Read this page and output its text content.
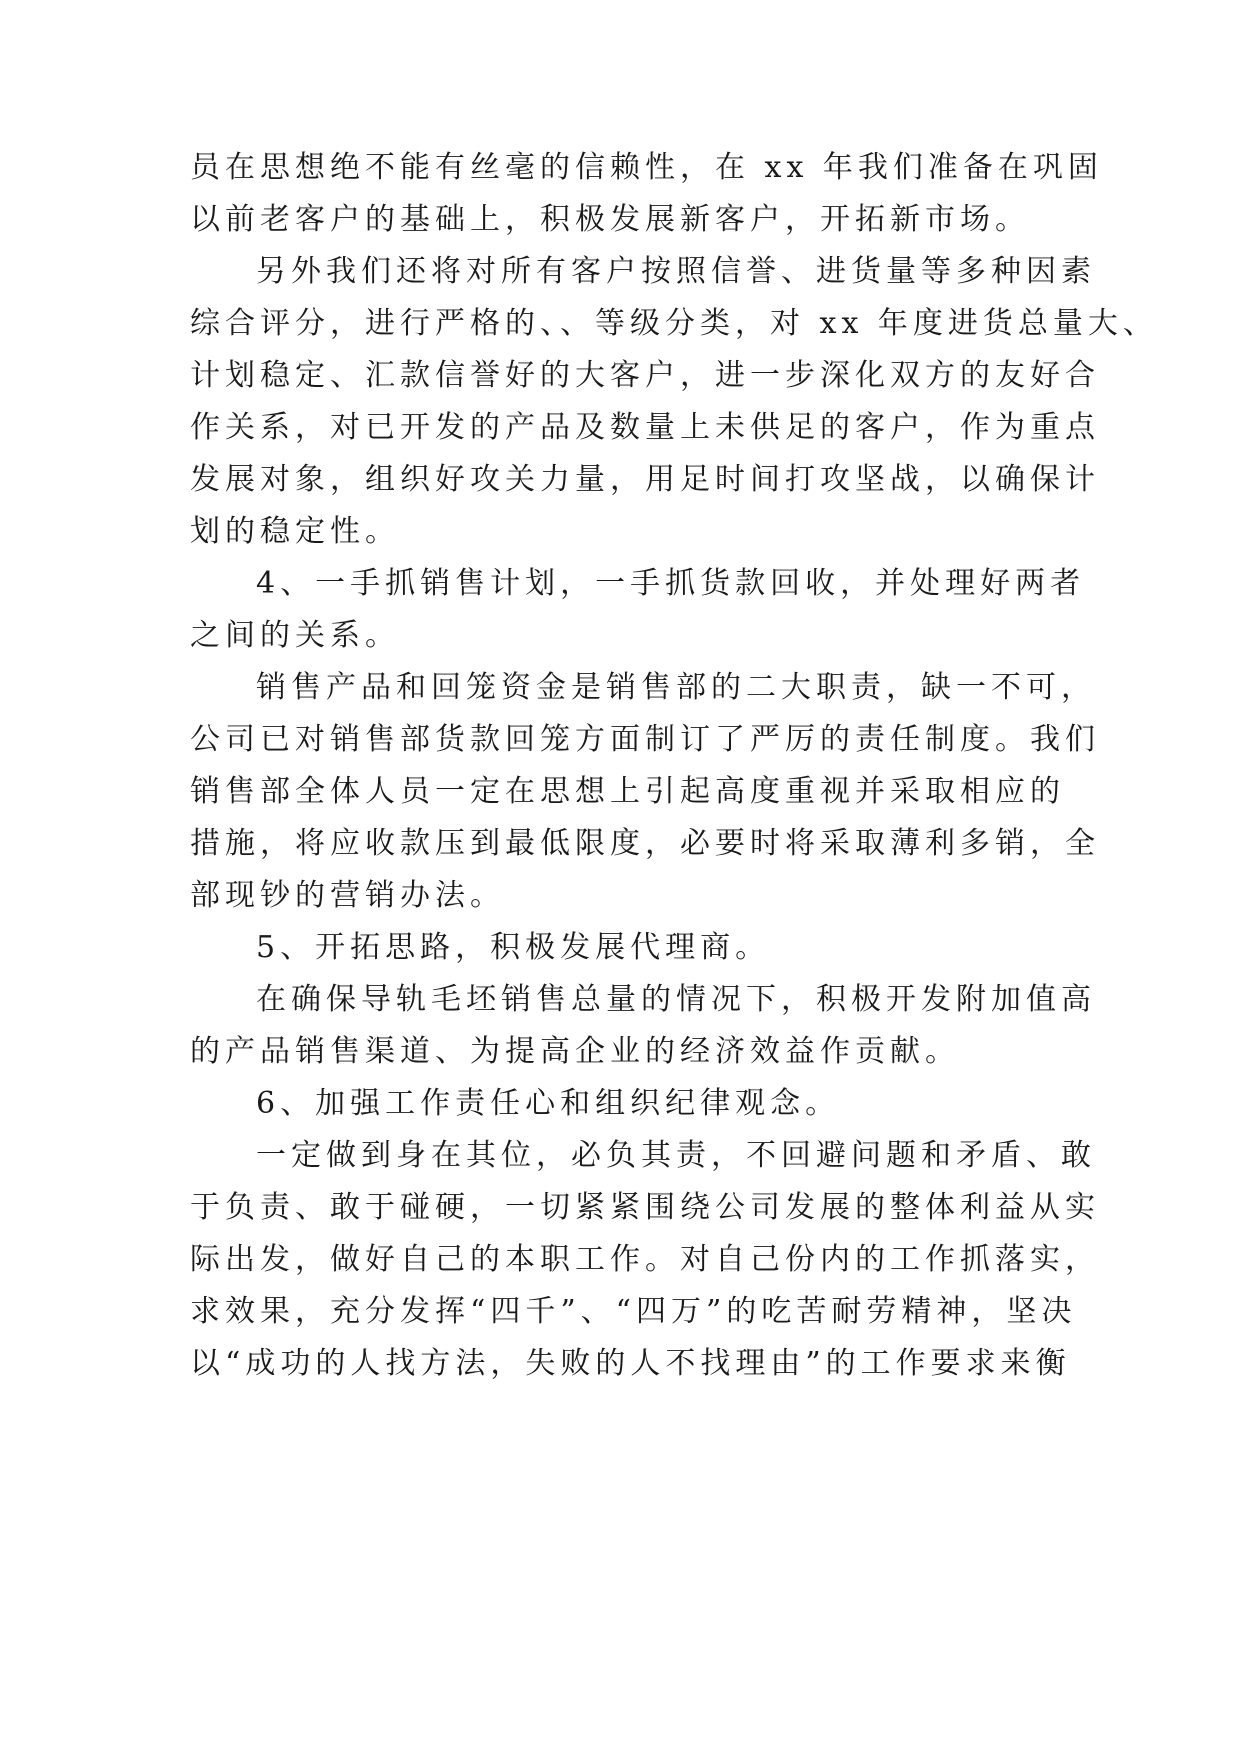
员在思想绝不能有丝毫的信赖性，在 xx 年我们准备在巩固
以前老客户的基础上，积极发展新客户，开拓新市场。
另外我们还将对所有客户按照信誉、进货量等多种因素
综合评分，进行严格的、、等级分类，对 xx 年度进货总量大、
计划稳定、汇款信誉好的大客户，进一步深化双方的友好合
作关系，对已开发的产品及数量上未供足的客户，作为重点
发展对象，组织好攻关力量，用足时间打攻坚战，以确保计
划的稳定性。
4、一手抓销售计划，一手抓货款回收，并处理好两者
之间的关系。
销售产品和回笼资金是销售部的二大职责，缺一不可，
公司已对销售部货款回笼方面制订了严厉的责任制度。我们
销售部全体人员一定在思想上引起高度重视并采取相应的
措施，将应收款压到最低限度，必要时将采取薄利多销，全
部现钞的营销办法。
5、开拓思路，积极发展代理商。
在确保导轨毛坯销售总量的情况下，积极开发附加值高
的产品销售渠道、为提高企业的经济效益作贡献。
6、加强工作责任心和组织纪律观念。
一定做到身在其位，必负其责，不回避问题和矛盾、敢
于负责、敢于碰硬，一切紧紧围绕公司发展的整体利益从实
际出发，做好自己的本职工作。对自己份内的工作抓落实，
求效果，充分发挥“四千”、“四万”的吃苦耐劳精神，坚决
以“成功的人找方法，失败的人不找理由”的工作要求来衡
